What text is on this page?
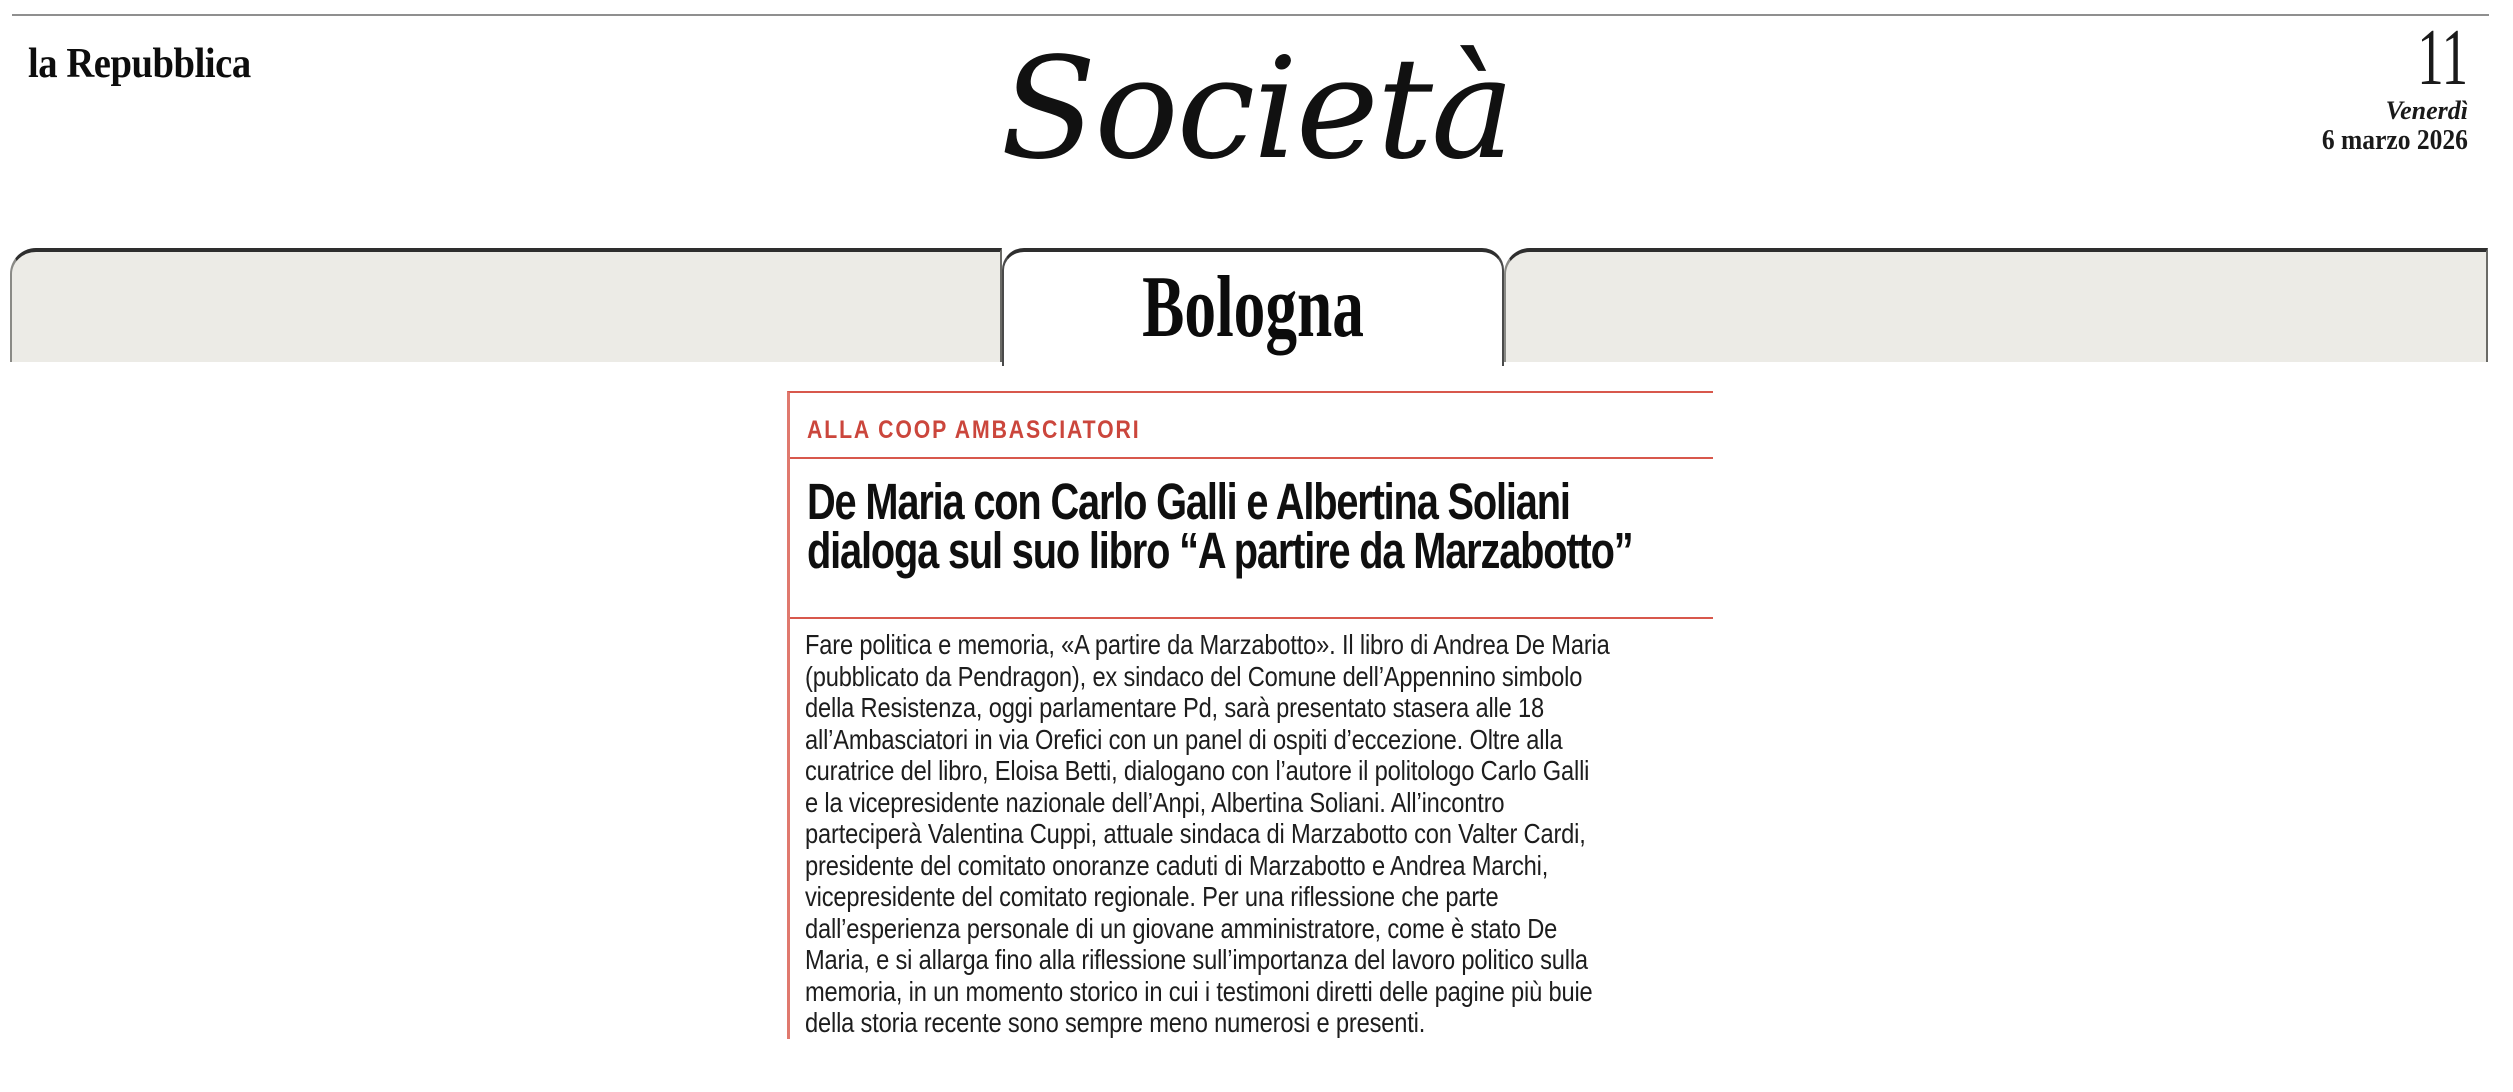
la Repubblica	Società	11
Venerdì
6 marzo 2026
Bologna
ALLA COOP AMBASCIATORI
De Maria con Carlo Galli e Albertina Soliani
dialoga sul suo libro “A partire da Marzabotto”
Fare politica e memoria, «A partire da Marzabotto». Il libro di Andrea De Maria
(pubblicato da Pendragon), ex sindaco del Comune dell’Appennino simbolo
della Resistenza, oggi parlamentare Pd, sarà presentato stasera alle 18
all’Ambasciatori in via Orefici con un panel di ospiti d’eccezione. Oltre alla
curatrice del libro, Eloisa Betti, dialogano con l’autore il politologo Carlo Galli
e la vicepresidente nazionale dell’Anpi, Albertina Soliani. All’incontro
parteciperà Valentina Cuppi, attuale sindaca di Marzabotto con Valter Cardi,
presidente del comitato onoranze caduti di Marzabotto e Andrea Marchi,
vicepresidente del comitato regionale. Per una riflessione che parte
dall’esperienza personale di un giovane amministratore, come è stato De
Maria, e si allarga fino alla riflessione sull’importanza del lavoro politico sulla
memoria, in un momento storico in cui i testimoni diretti delle pagine più buie
della storia recente sono sempre meno numerosi e presenti.
